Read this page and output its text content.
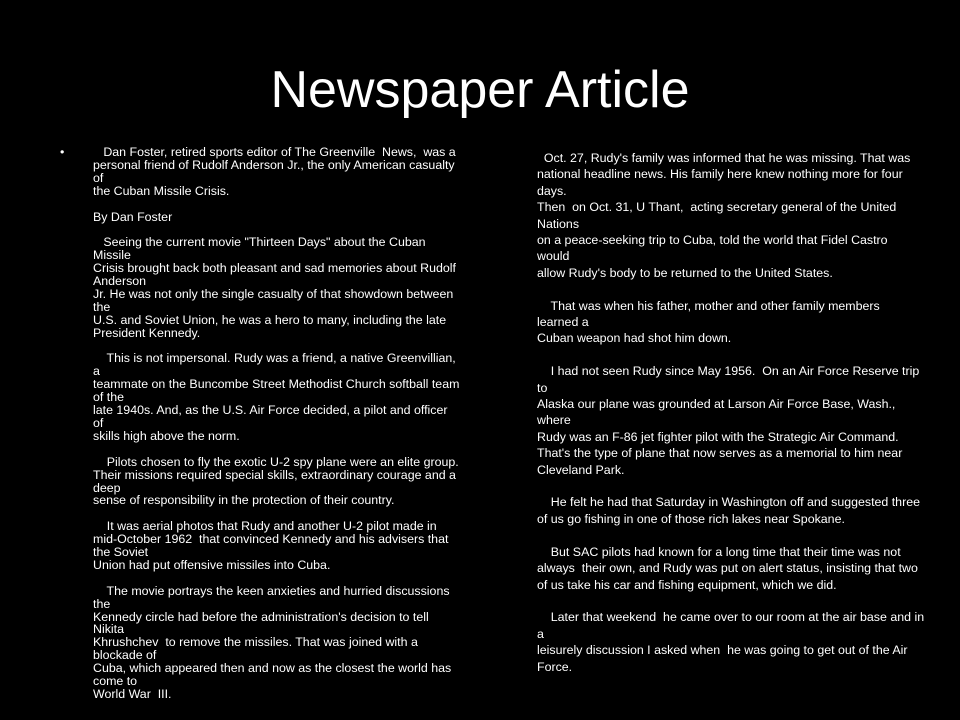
Newspaper Article
• Dan Foster, retired sports editor of The Greenville  News,  was a
personal friend of Rudolf Anderson Jr., the only American casualty
of
the Cuban Missile Crisis.
By Dan Foster
Seeing the current movie "Thirteen Days" about the Cuban
Missile
Crisis brought back both pleasant and sad memories about Rudolf
Anderson
Jr. He was not only the single casualty of that showdown between
the
U.S. and Soviet Union, he was a hero to many, including the late
President Kennedy.
This is not impersonal. Rudy was a friend, a native Greenvillian,
a
teammate on the Buncombe Street Methodist Church softball team
of the
late 1940s. And, as the U.S. Air Force decided, a pilot and officer
of
skills high above the norm.
Pilots chosen to fly the exotic U-2 spy plane were an elite group.
Their missions required special skills, extraordinary courage and a
deep
sense of responsibility in the protection of their country.
It was aerial photos that Rudy and another U-2 pilot made in
mid-October 1962  that convinced Kennedy and his advisers that
the Soviet
Union had put offensive missiles into Cuba.
The movie portrays the keen anxieties and hurried discussions
the
Kennedy circle had before the administration's decision to tell
Nikita
Khrushchev  to remove the missiles. That was joined with a
blockade of
Cuba, which appeared then and now as the closest the world has
come to
World War  III.
Oct. 27, Rudy's family was informed that he was missing. That was
national headline news. His family here knew nothing more for four
days.
Then  on Oct. 31, U Thant,  acting secretary general of the United
Nations
on a peace-seeking trip to Cuba, told the world that Fidel Castro
would
allow Rudy's body to be returned to the United States.
That was when his father, mother and other family members
learned a
Cuban weapon had shot him down.
I had not seen Rudy since May 1956.  On an Air Force Reserve trip
to
Alaska our plane was grounded at Larson Air Force Base, Wash.,
where
Rudy was an F-86 jet fighter pilot with the Strategic Air Command.
That's the type of plane that now serves as a memorial to him near
Cleveland Park.
He felt he had that Saturday in Washington off and suggested three
of us go fishing in one of those rich lakes near Spokane.
But SAC pilots had known for a long time that their time was not
always  their own, and Rudy was put on alert status, insisting that two
of us take his car and fishing equipment, which we did.
Later that weekend  he came over to our room at the air base and in
a
leisurely discussion I asked when  he was going to get out of the Air
Force.
